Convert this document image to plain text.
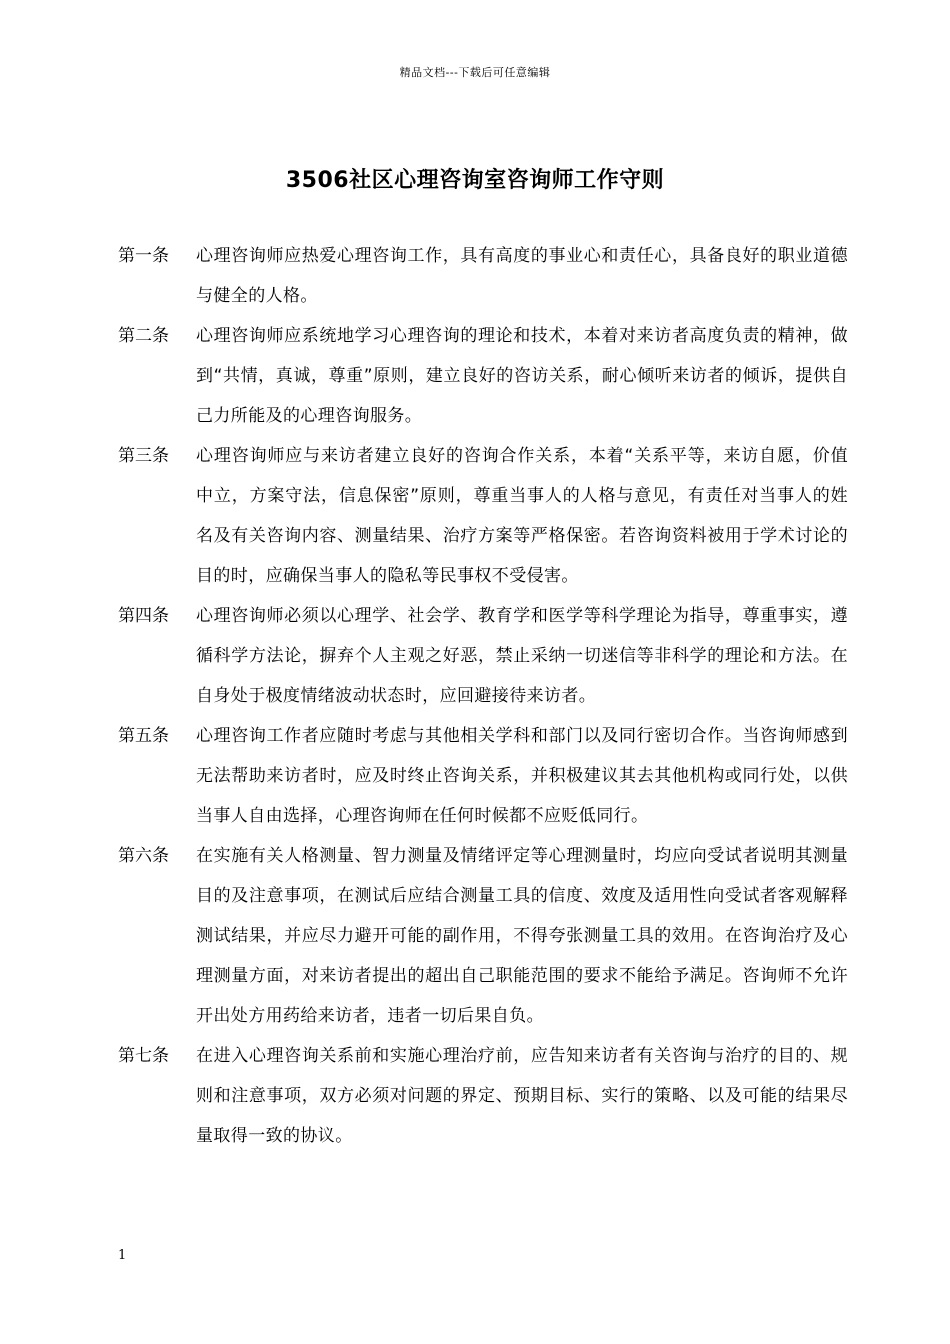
精品文档---下载后可任意编辑
3506社区心理咨询室咨询师工作守则
第一条	心理咨询师应热爱心理咨询工作，具有高度的事业心和责任心，具备良好的职业道德与健全的人格。
第二条	心理咨询师应系统地学习心理咨询的理论和技术，本着对来访者高度负责的精神，做到“共情，真诚，尊重”原则，建立良好的咨访关系，耐心倾听来访者的倾诉，提供自己力所能及的心理咨询服务。
第三条	心理咨询师应与来访者建立良好的咨询合作关系，本着“关系平等，来访自愿，价值中立，方案守法，信息保密”原则，尊重当事人的人格与意见，有责任对当事人的姓名及有关咨询内容、测量结果、治疗方案等严格保密。若咨询资料被用于学术讨论的目的时，应确保当事人的隐私等民事权不受侵害。
第四条	心理咨询师必须以心理学、社会学、教育学和医学等科学理论为指导，尊重事实，遵循科学方法论，摒弃个人主观之好恶，禁止采纳一切迷信等非科学的理论和方法。在自身处于极度情绪波动状态时，应回避接待来访者。
第五条	心理咨询工作者应随时考虑与其他相关学科和部门以及同行密切合作。当咨询师感到无法帮助来访者时，应及时终止咨询关系，并积极建议其去其他机构或同行处，以供当事人自由选择，心理咨询师在任何时候都不应贬低同行。
第六条	在实施有关人格测量、智力测量及情绪评定等心理测量时，均应向受试者说明其测量目的及注意事项，在测试后应结合测量工具的信度、效度及适用性向受试者客观解释测试结果，并应尽力避开可能的副作用，不得夸张测量工具的效用。在咨询治疗及心理测量方面，对来访者提出的超出自己职能范围的要求不能给予满足。咨询师不允许开出处方用药给来访者，违者一切后果自负。
第七条	在进入心理咨询关系前和实施心理治疗前，应告知来访者有关咨询与治疗的目的、规则和注意事项，双方必须对问题的界定、预期目标、实行的策略、以及可能的结果尽量取得一致的协议。
1
